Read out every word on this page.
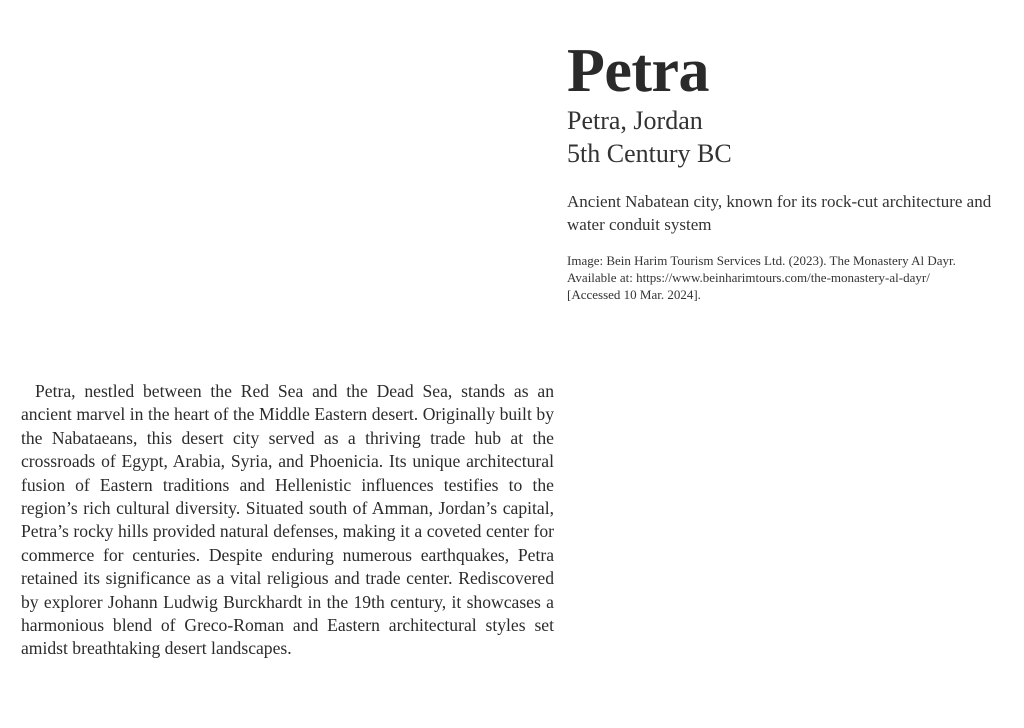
Petra

Petra, Jordan

5th Century BC

Ancient Nabatean city, known for its rock-cut architecture and water conduit system

Image: Bein Harim Tourism Services Ltd. (2023). The Monastery Al Dayr.
Available at: https://www.beinharimtours.com/the-monastery-al-dayr/
[Accessed 10 Mar. 2024].

Petra, nestled between the Red Sea and the Dead Sea, stands as an ancient marvel in the heart of the Middle Eastern desert. Originally built by the Nabataeans, this desert city served as a thriving trade hub at the crossroads of Egypt, Arabia, Syria, and Phoenicia. Its unique architectural fusion of Eastern traditions and Hellenistic influences testifies to the region’s rich cultural diversity. Situated south of Amman, Jordan’s capital, Petra’s rocky hills provided natural defenses, making it a coveted center for commerce for centuries. Despite enduring numerous earthquakes, Petra retained its significance as a vital religious and trade center. Rediscovered by explorer Johann Ludwig Burckhardt in the 19th century, it showcases a harmonious blend of Greco-Roman and Eastern architectural styles set amidst breathtaking desert landscapes.
